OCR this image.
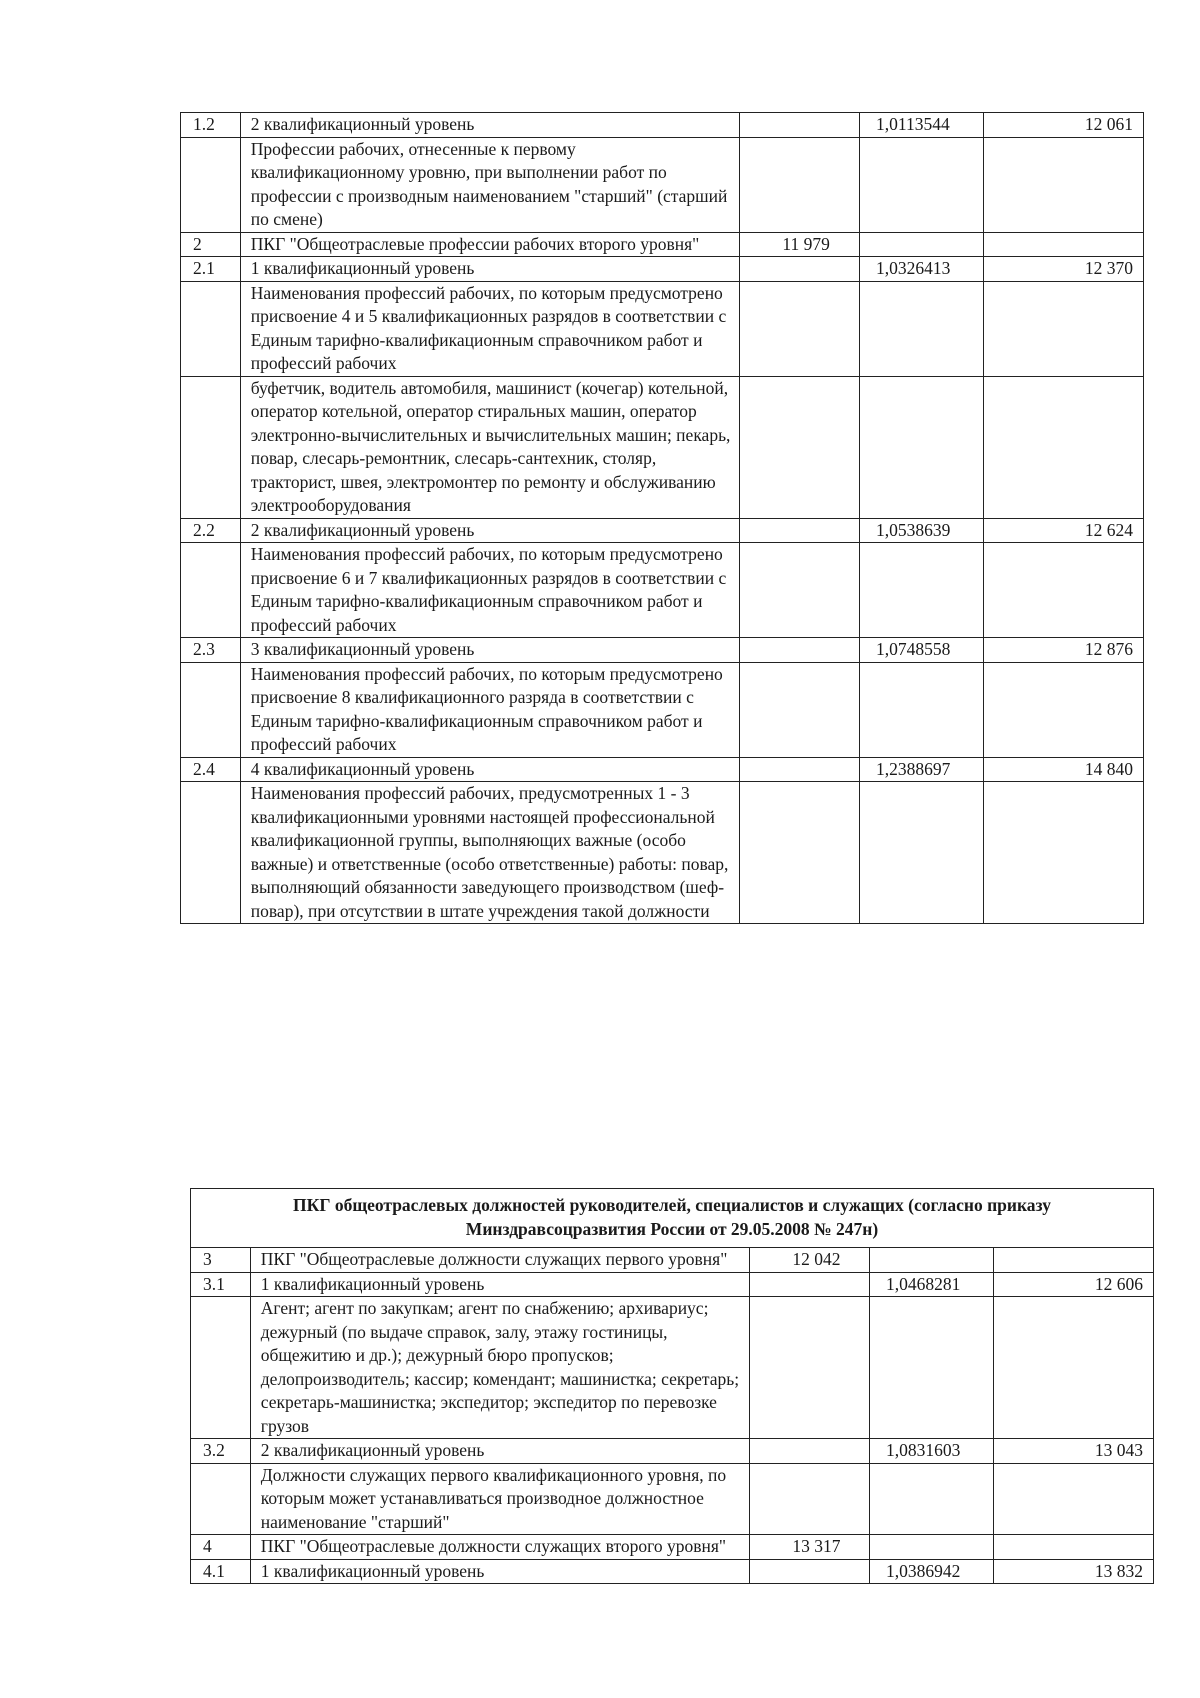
1.2	2 квалификационный уровень		1,0113544	12 061
	Профессии рабочих, отнесенные к первому квалификационному уровню, при выполнении работ по профессии с производным наименованием "старший" (старший по смене)			
2	ПКГ "Общеотраслевые профессии рабочих второго уровня"	11 979		
2.1	1 квалификационный уровень		1,0326413	12 370
	Наименования профессий рабочих, по которым предусмотрено присвоение 4 и 5 квалификационных разрядов в соответствии с Единым тарифно-квалификационным справочником работ и профессий рабочих			
	буфетчик, водитель автомобиля, машинист (кочегар) котельной, оператор котельной, оператор стиральных машин, оператор электронно-вычислительных и вычислительных машин; пекарь, повар, слесарь-ремонтник, слесарь-сантехник, столяр, тракторист, швея, электромонтер по ремонту и обслуживанию электрооборудования			
2.2	2 квалификационный уровень		1,0538639	12 624
	Наименования профессий рабочих, по которым предусмотрено присвоение 6 и 7 квалификационных разрядов в соответствии с Единым тарифно-квалификационным справочником работ и профессий рабочих			
2.3	3 квалификационный уровень		1,0748558	12 876
	Наименования профессий рабочих, по которым предусмотрено присвоение 8 квалификационного разряда в соответствии с Единым тарифно-квалификационным справочником работ и профессий рабочих			
2.4	4 квалификационный уровень		1,2388697	14 840
	Наименования профессий рабочих, предусмотренных 1 - 3 квалификационными уровнями настоящей профессиональной квалификационной группы, выполняющих важные (особо важные) и ответственные (особо ответственные) работы: повар, выполняющий обязанности заведующего производством (шеф-повар), при отсутствии в штате учреждения такой должности			
ПКГ общеотраслевых должностей руководителей, специалистов и служащих (согласно приказу
Минздравсоцразвития России от 29.05.2008 № 247н)				

3	ПКГ "Общеотраслевые должности служащих первого уровня"	12 042		
3.1	1 квалификационный уровень		1,0468281	12 606
	Агент; агент по закупкам; агент по снабжению; архивариус; дежурный (по выдаче справок, залу, этажу гостиницы, общежитию и др.); дежурный бюро пропусков; делопроизводитель; кассир; комендант; машинистка; секретарь; секретарь-машинистка; экспедитор; экспедитор по перевозке грузов			
3.2	2 квалификационный уровень		1,0831603	13 043
	Должности служащих первого квалификационного уровня, по которым может устанавливаться производное должностное наименование "старший"			
4	ПКГ "Общеотраслевые должности служащих второго уровня"	13 317		
4.1	1 квалификационный уровень		1,0386942	13 832
